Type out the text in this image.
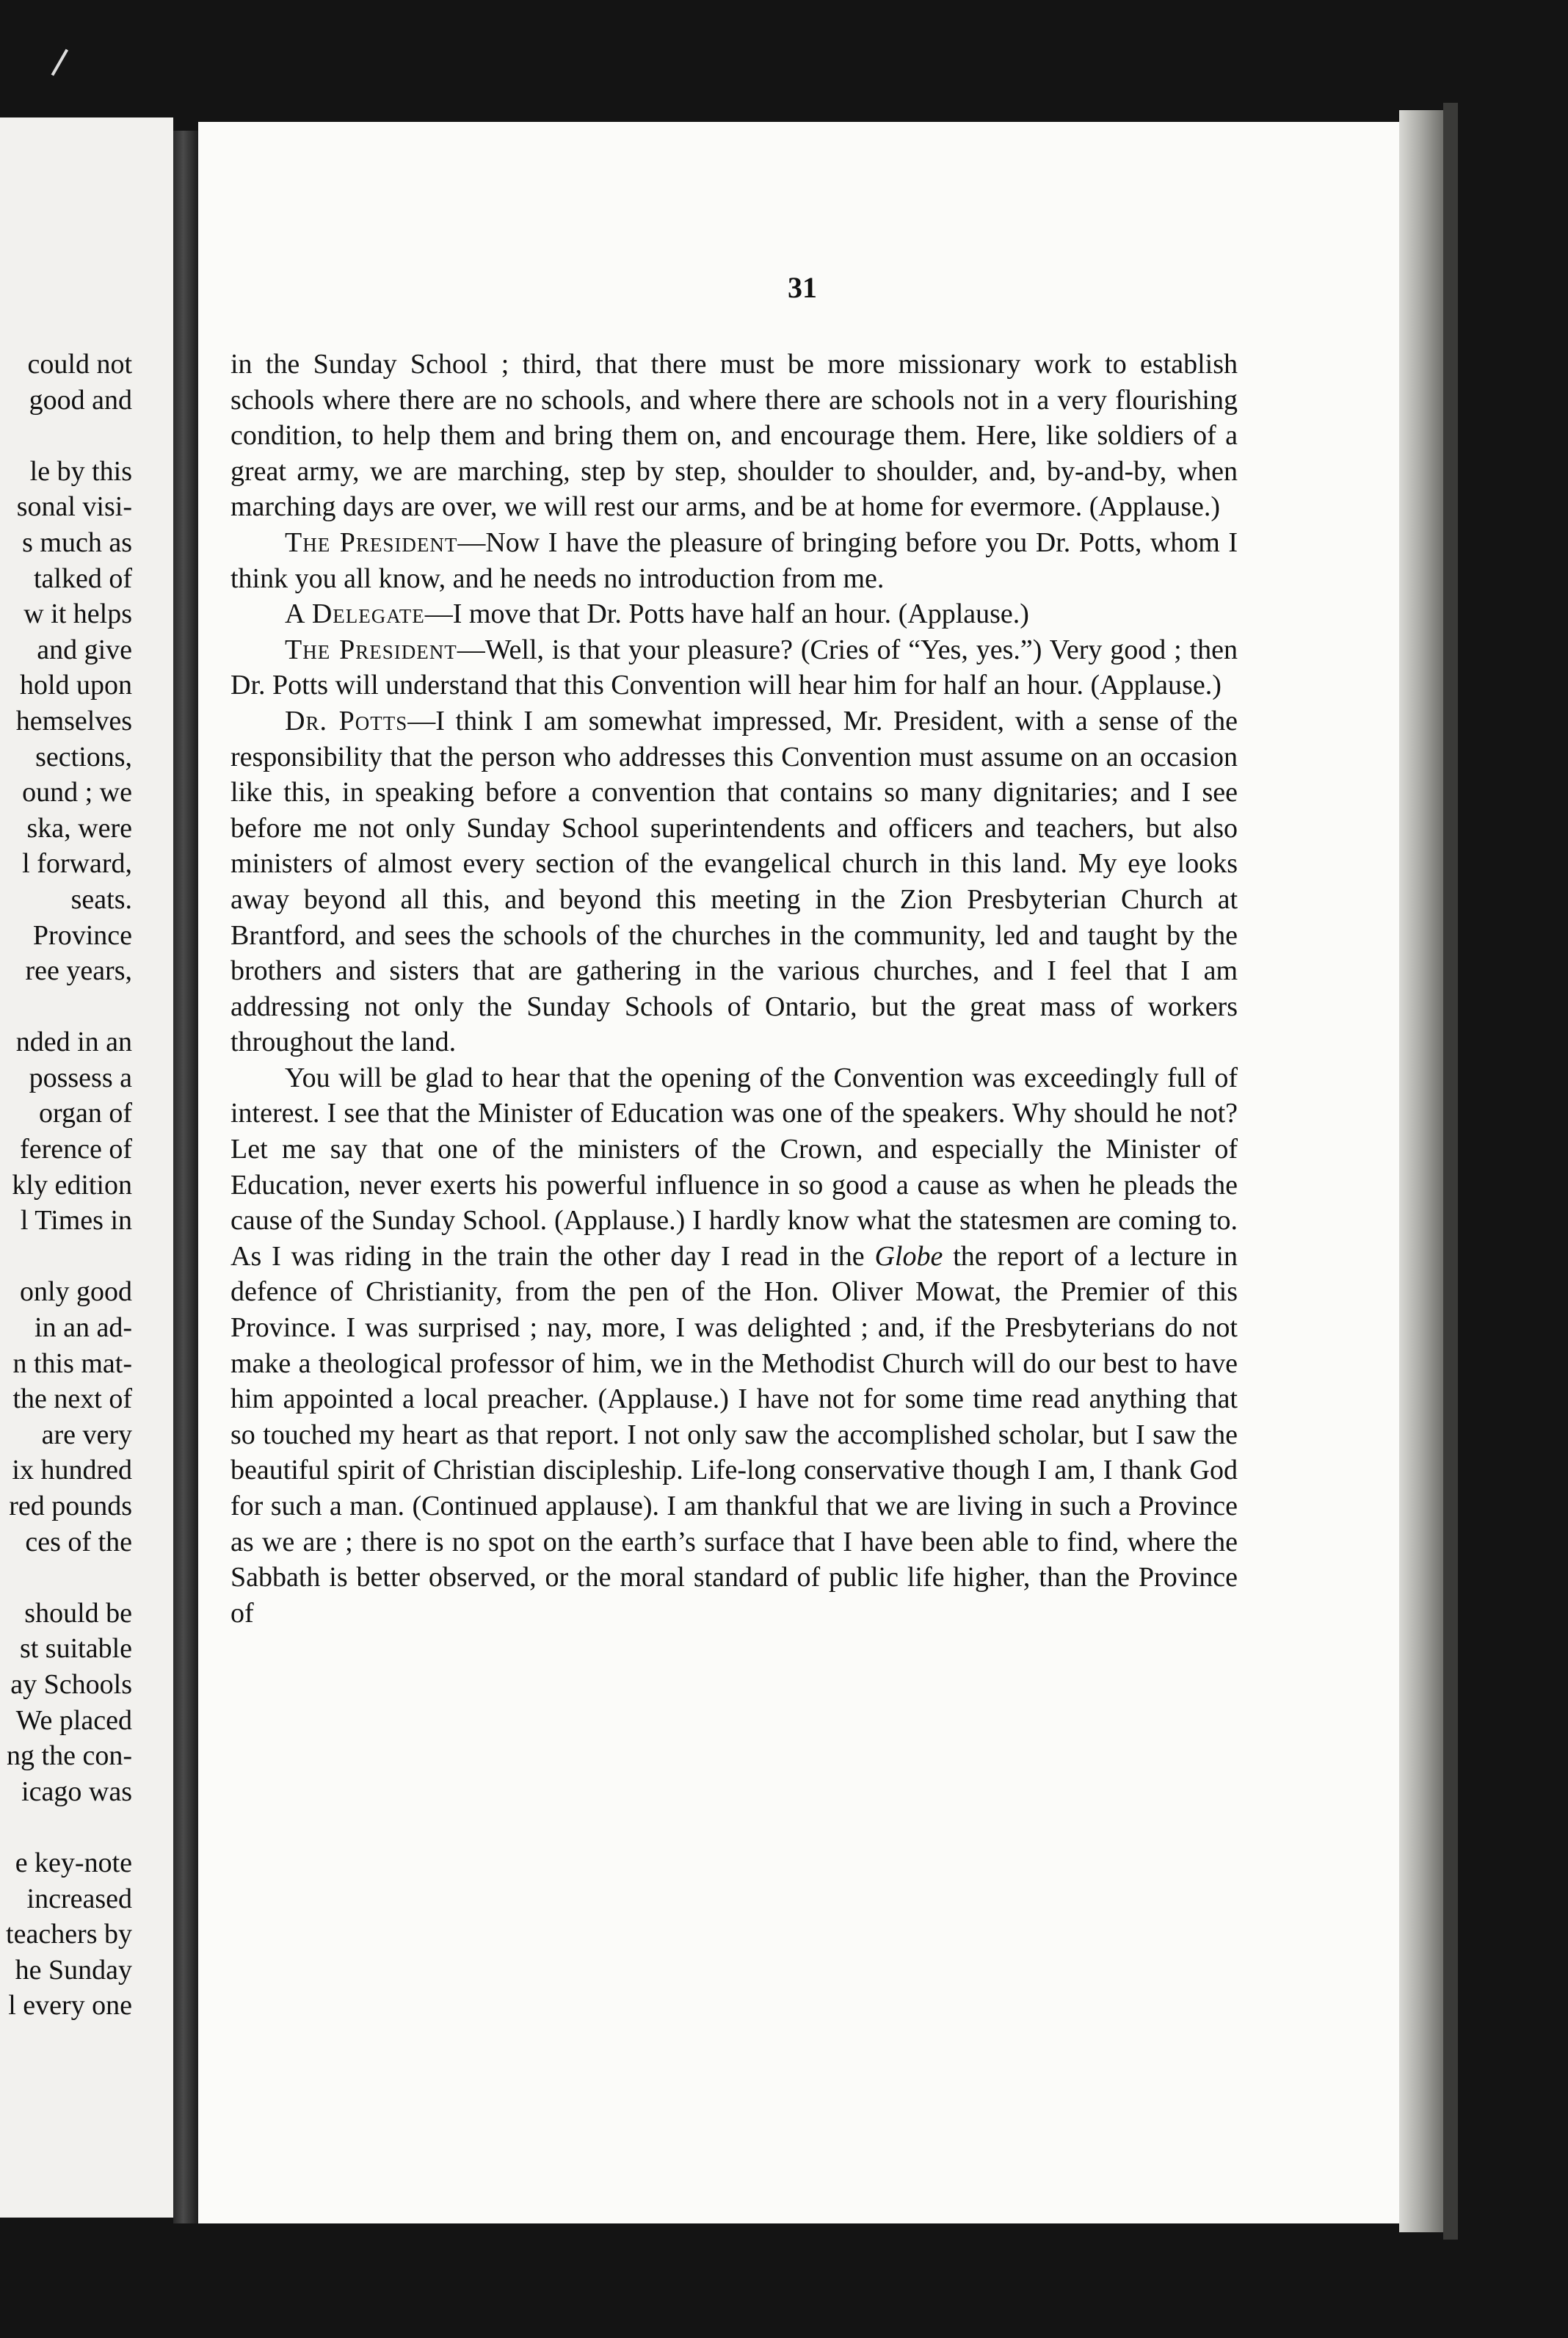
could not
good and
le by this
sonal visi-
s much as
talked of
w it helps
and give
hold upon
hemselves
sections,
ound ; we
ska, were
l forward,
seats.
Province
ree years,
nded in an
possess a
organ of
ference of
kly edition
l Times in
only good
in an ad-
n this mat-
the next of
are very
ix hundred
red pounds
ces of the
should be
st suitable
ay Schools
We placed
ng the con-
icago was
e key-note
increased
teachers by
he Sunday
l every one
31

in the Sunday School ; third, that there must be more missionary work to establish schools where there are no schools, and where there are schools not in a very flourishing condition, to help them and bring them on, and encourage them. Here, like soldiers of a great army, we are marching, step by step, shoulder to shoulder, and, by-and-by, when marching days are over, we will rest our arms, and be at home for evermore. (Applause.)

The President—Now I have the pleasure of bringing before you Dr. Potts, whom I think you all know, and he needs no introduction from me.

A Delegate—I move that Dr. Potts have half an hour. (Applause.)

The President—Well, is that your pleasure? (Cries of “Yes, yes.”) Very good ; then Dr. Potts will understand that this Convention will hear him for half an hour. (Applause.)

Dr. Potts—I think I am somewhat impressed, Mr. President, with a sense of the responsibility that the person who addresses this Convention must assume on an occasion like this, in speaking before a convention that contains so many dignitaries; and I see before me not only Sunday School superintendents and officers and teachers, but also ministers of almost every section of the evangelical church in this land. My eye looks away beyond all this, and beyond this meeting in the Zion Presbyterian Church at Brantford, and sees the schools of the churches in the community, led and taught by the brothers and sisters that are gathering in the various churches, and I feel that I am addressing not only the Sunday Schools of Ontario, but the great mass of workers throughout the land.

You will be glad to hear that the opening of the Convention was exceedingly full of interest. I see that the Minister of Education was one of the speakers. Why should he not? Let me say that one of the ministers of the Crown, and especially the Minister of Education, never exerts his powerful influence in so good a cause as when he pleads the cause of the Sunday School. (Applause.) I hardly know what the statesmen are coming to. As I was riding in the train the other day I read in the Globe the report of a lecture in defence of Christianity, from the pen of the Hon. Oliver Mowat, the Premier of this Province. I was surprised ; nay, more, I was delighted ; and, if the Presbyterians do not make a theological professor of him, we in the Methodist Church will do our best to have him appointed a local preacher. (Applause.) I have not for some time read anything that so touched my heart as that report. I not only saw the accomplished scholar, but I saw the beautiful spirit of Christian discipleship. Life-long conservative though I am, I thank God for such a man. (Continued applause). I am thankful that we are living in such a Province as we are ; there is no spot on the earth’s surface that I have been able to find, where the Sabbath is better observed, or the moral standard of public life higher, than the Province of
